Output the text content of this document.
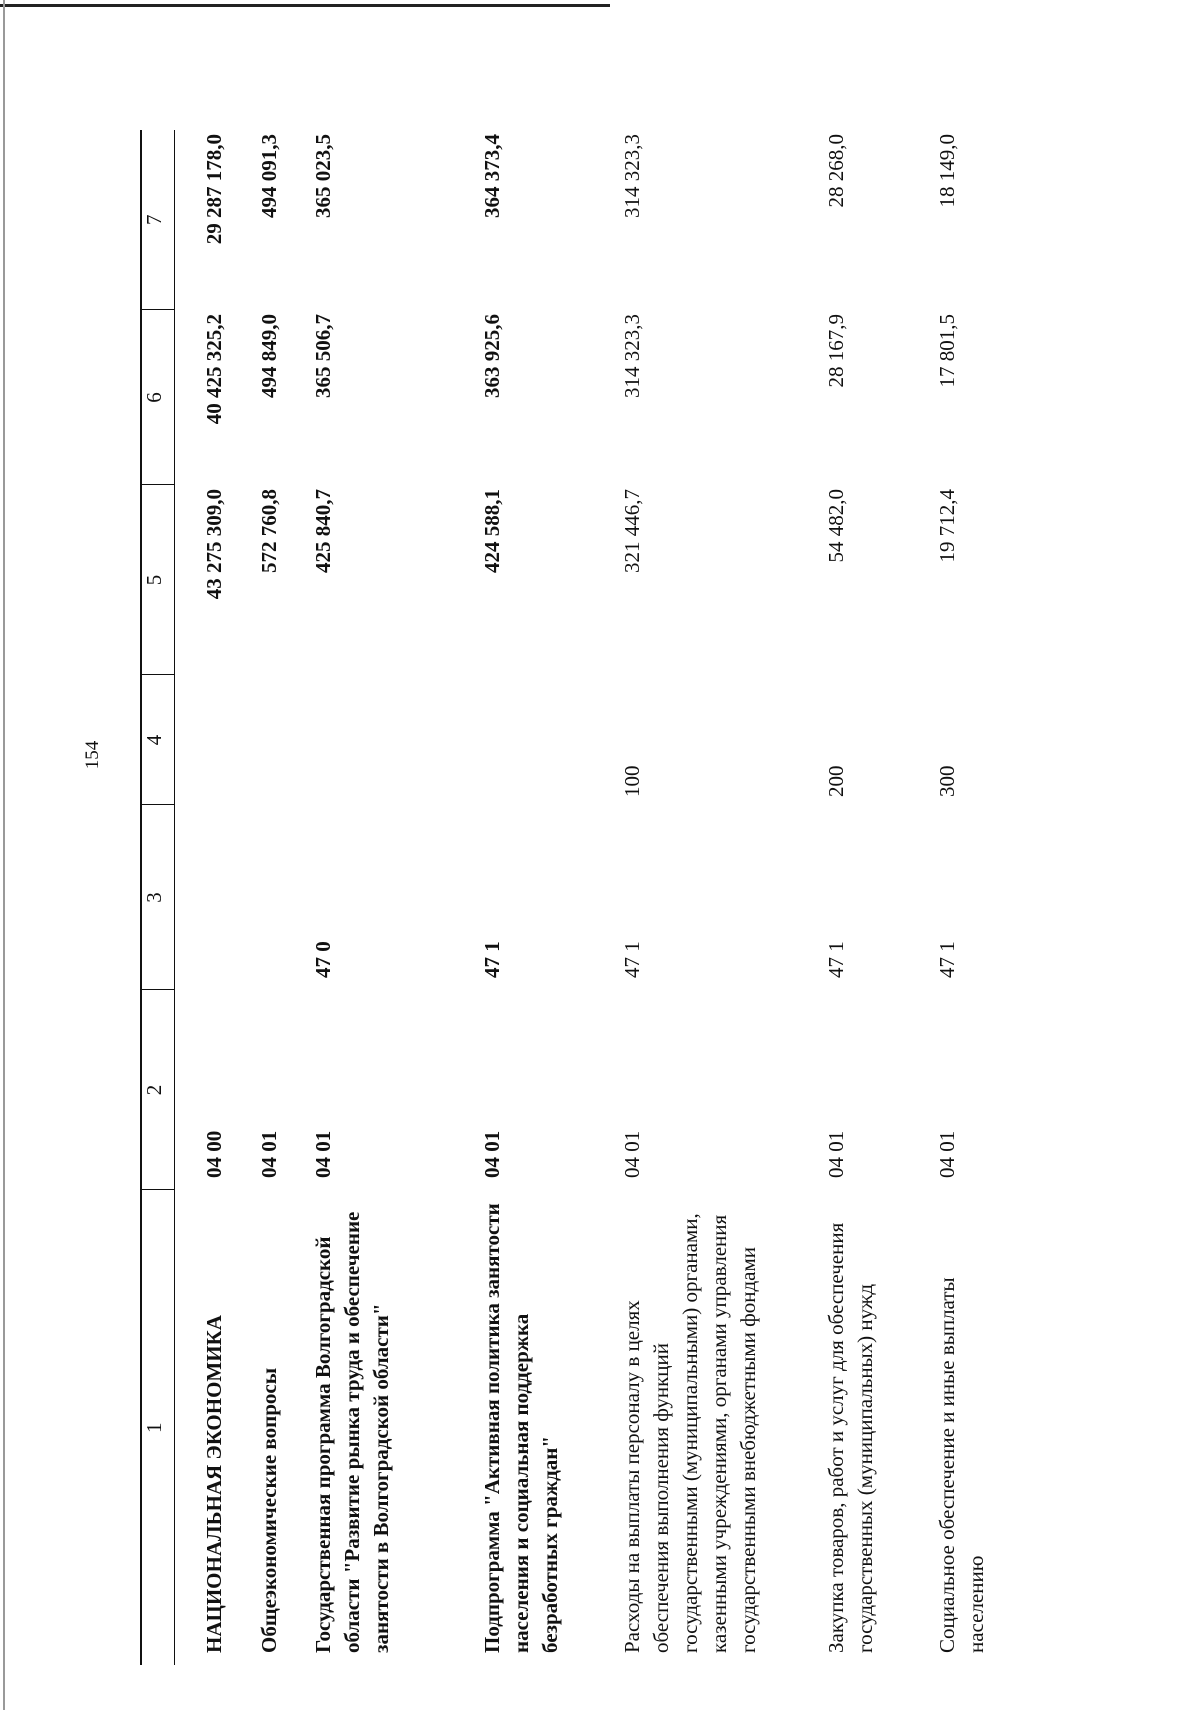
154
1	2	3	4	5	6	7
НАЦИОНАЛЬНАЯ ЭКОНОМИКА	04 00			43 275 309,0	40 425 325,2	29 287 178,0
Общеэкономические вопросы	04 01			572 760,8	494 849,0	494 091,3
Государственная программа Волгоградской области "Развитие рынка труда и обеспечение занятости в Волгоградской области"	04 01	47 0		425 840,7	365 506,7	365 023,5
Подпрограмма "Активная политика занятости населения и социальная поддержка безработных граждан"	04 01	47 1		424 588,1	363 925,6	364 373,4
Расходы на выплаты персоналу в целях обеспечения выполнения функций государственными (муниципальными) органами, казенными учреждениями, органами управления государственными внебюджетными фондами	04 01	47 1	100	321 446,7	314 323,3	314 323,3
Закупка товаров, работ и услуг для обеспечения государственных (муниципальных) нужд	04 01	47 1	200	54 482,0	28 167,9	28 268,0
Социальное обеспечение и иные выплаты населению	04 01	47 1	300	19 712,4	17 801,5	18 149,0
